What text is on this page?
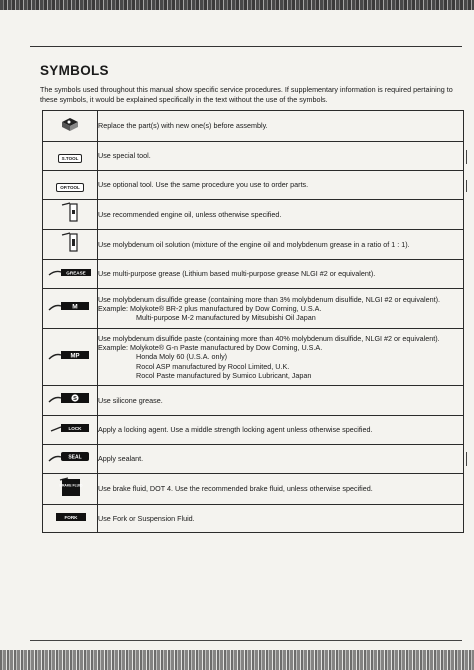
SYMBOLS
The symbols used throughout this manual show specific service procedures. If supplementary information is required pertaining to these symbols, it would be explained specifically in the text without the use of the symbols.
	Replace the part(s) with new one(s) before assembly.
S.TOOL	Use special tool.
OP.TOOL	Use optional tool. Use the same procedure you use to order parts.
	Use recommended engine oil, unless otherwise specified.
	Use molybdenum oil solution (mixture of the engine oil and molybdenum grease in a ratio of 1 : 1).

GREASE	Use multi-purpose grease (Lithium based multi-purpose grease NLGI #2 or equivalent).

M	Use molybdenum disulfide grease (containing more than 3% molybdenum disulfide, NLGI #2 or equivalent).
Example: Molykote® BR-2 plus manufactured by Dow Corning, U.S.A.
Multi-purpose M-2 manufactured by Mitsubishi Oil Japan

MP	Use molybdenum disulfide paste (containing more than 40% molybdenum disulfide, NLGI #2 or equivalent).
Example: Molykote® G-n Paste manufactured by Dow Corning, U.S.A.
Honda Moly 60 (U.S.A. only)
Rocol ASP manufactured by Rocol Limited, U.K.
Rocol Paste manufactured by Sumico Lubricant, Japan

S	Use silicone grease.

LOCK	Apply a locking agent. Use a middle strength locking agent unless otherwise specified.

SEAL	Apply sealant.

BRAKE FLUID	Use brake fluid, DOT 4. Use the recommended brake fluid, unless otherwise specified.

FORK	Use Fork or Suspension Fluid.
